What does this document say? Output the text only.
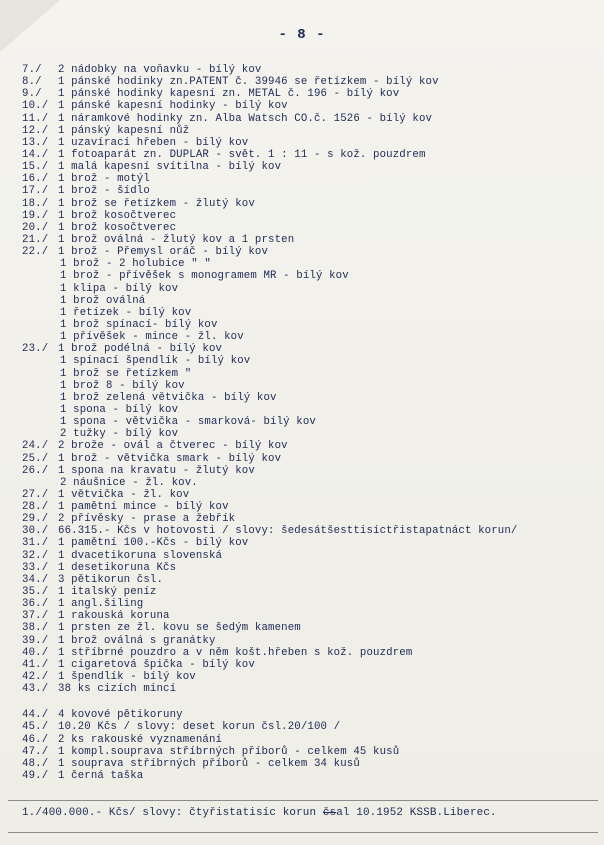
- 8 -
7./	2 nádobky na voňavku - bílý kov
8./	1 pánské hodinky zn.PATENT č. 39946 se řetízkem - bílý kov
9./	1 pánské hodinky kapesní zn. METAL č. 196 - bílý kov
10./ 1 pánské kapesní hodinky - bílý kov
11./ 1 náramkové hodinky zn. Alba Watsch CO.č. 1526 - bílý kov
12./ 1 pánský kapesní nůž
13./ 1 uzavírací hřeben - bílý kov
14./ 1 fotoaparát zn. DUPLAR - svět. 1 : 11 - s kož. pouzdrem
15./ 1 malá kapesní svítilna - bílý kov
16./ 1 brož - motýl
17./ 1 brož - šídlo
18./ 1 brož se řetízkem - žlutý kov
19./ 1 brož kosočtverec
20./ 1 brož kosočtverec
21./ 1 brož oválná - žlutý kov a 1 prsten
22./ 1 brož - Přemysl oráč - bílý kov
1 brož - 2 holubice " "
1 brož - přívěšek s monogramem MR - bílý kov
1 klipa - bílý kov
1 brož oválná
1 řetízek - bílý kov
1 brož spínací- bílý kov
1 přívěšek - mince - žl. kov
23./ 1 brož podélná - bílý kov
1 spínací špendlík - bílý kov
1 brož se řetízkem "
1 brož 8 - bílý kov
1 brož zelená větvička - bílý kov
1 spona - bílý kov
1 spona - větvička - smarková- bílý kov
2 tužky - bílý kov
24./ 2 brože - ovál a čtverec - bílý kov
25./ 1 brož - větvička smark - bílý kov
26./ 1 spona na kravatu - žlutý kov
2 náušnice - žl. kov.
27./ 1 větvička - žl. kov
28./ 1 pamětní mince - bílý kov
29./ 2 přívěsky - prase a žebřík
30./ 66.315.- Kčs v hotovosti / slovy: šedesátšesttisíctřistapatnáct korun/
31./ 1 pamětní 100.-Kčs - bílý kov
32./ 1 dvacetikoruna slovenská
33./ 1 desetikoruna Kčs
34./ 3 pětikorun čsl.
35./ 1 italský peníz
36./ 1 angl.šiling
37./ 1 rakouská koruna
38./ 1 prsten ze žl. kovu se šedým kamenem
39./ 1 brož oválná s granátky
40./ 1 stříbrné pouzdro a v něm košt.hřeben s kož. pouzdrem
41./ 1 cigaretová špička - bílý kov
42./ 1 špendlík - bílý kov
43./ 38 ks cizích mincí
44./ 4 kovové pětikoruny
45./ 10.20 Kčs / slovy: deset korun čsl.20/100 /
46./ 2 ks rakouské vyznamenání
47./ 1 kompl.souprava stříbrných příborů - celkem 45 kusů
48./ 1 souprava stříbrných příborů - celkem 34 kusů
49./ 1 černá taška
1./400.000.- Kčs/ slovy: čtyřistatisíc korun čsal 10.1952 KSSB.Liberec.
